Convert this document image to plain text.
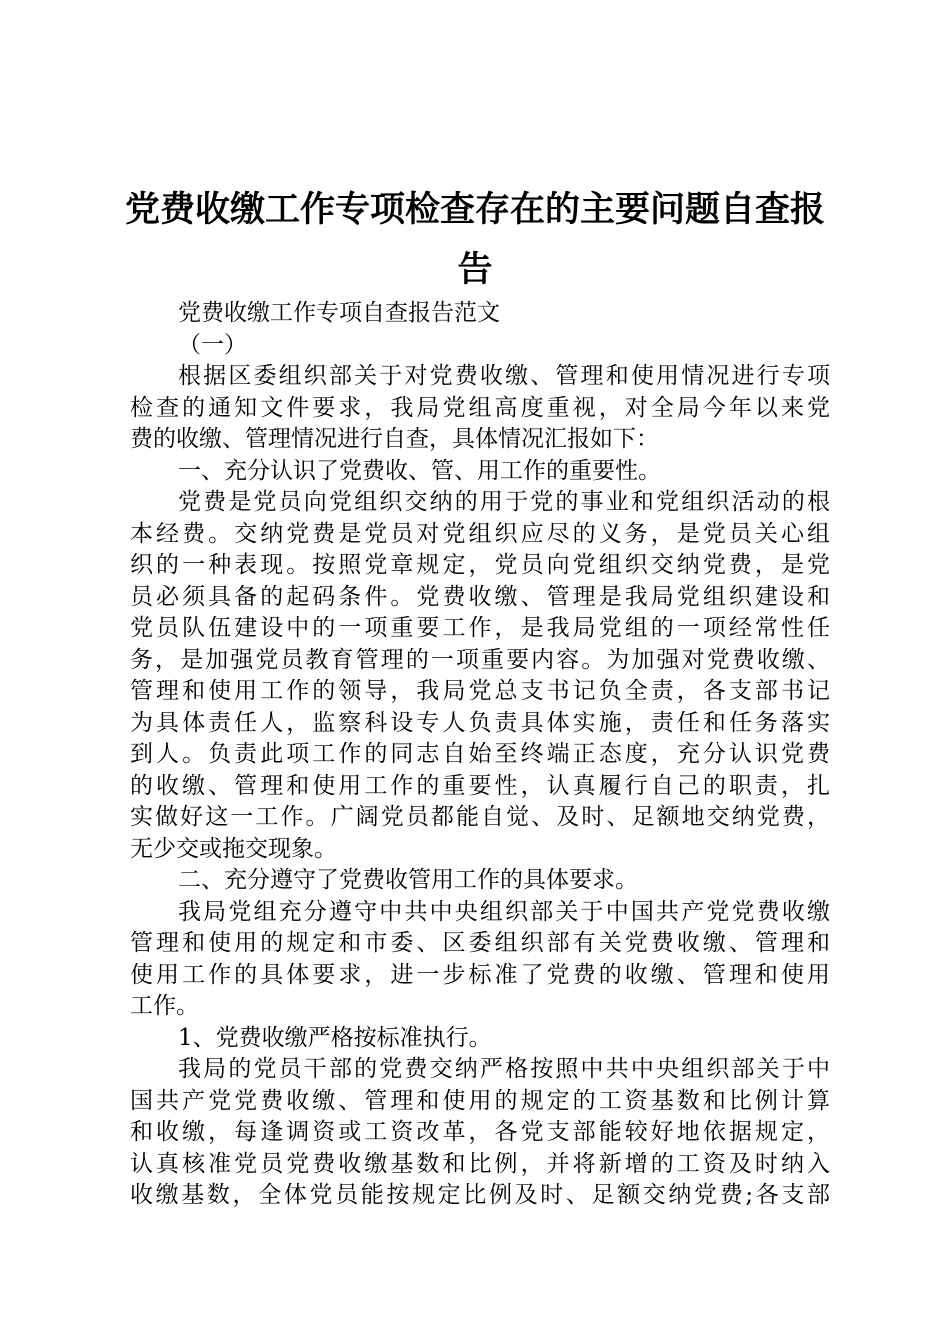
党费收缴工作专项检查存在的主要问题自查报
告
党费收缴工作专项自查报告范文
（一）
根据区委组织部关于对党费收缴、管理和使用情况进行专项
检查的通知文件要求，我局党组高度重视，对全局今年以来党
费的收缴、管理情况进行自查，具体情况汇报如下：
一、充分认识了党费收、管、用工作的重要性。
党费是党员向党组织交纳的用于党的事业和党组织活动的根
本经费。交纳党费是党员对党组织应尽的义务，是党员关心组
织的一种表现。按照党章规定，党员向党组织交纳党费，是党
员必须具备的起码条件。党费收缴、管理是我局党组织建设和
党员队伍建设中的一项重要工作，是我局党组的一项经常性任
务，是加强党员教育管理的一项重要内容。为加强对党费收缴、
管理和使用工作的领导，我局党总支书记负全责，各支部书记
为具体责任人，监察科设专人负责具体实施，责任和任务落实
到人。负责此项工作的同志自始至终端正态度，充分认识党费
的收缴、管理和使用工作的重要性，认真履行自己的职责，扎
实做好这一工作。广阔党员都能自觉、及时、足额地交纳党费，
无少交或拖交现象。
二、充分遵守了党费收管用工作的具体要求。
我局党组充分遵守中共中央组织部关于中国共产党党费收缴
管理和使用的规定和市委、区委组织部有关党费收缴、管理和
使用工作的具体要求，进一步标准了党费的收缴、管理和使用
工作。
1、党费收缴严格按标准执行。
我局的党员干部的党费交纳严格按照中共中央组织部关于中
国共产党党费收缴、管理和使用的规定的工资基数和比例计算
和收缴，每逢调资或工资改革，各党支部能较好地依据规定，
认真核准党员党费收缴基数和比例，并将新增的工资及时纳入
收缴基数，全体党员能按规定比例及时、足额交纳党费;各支部
